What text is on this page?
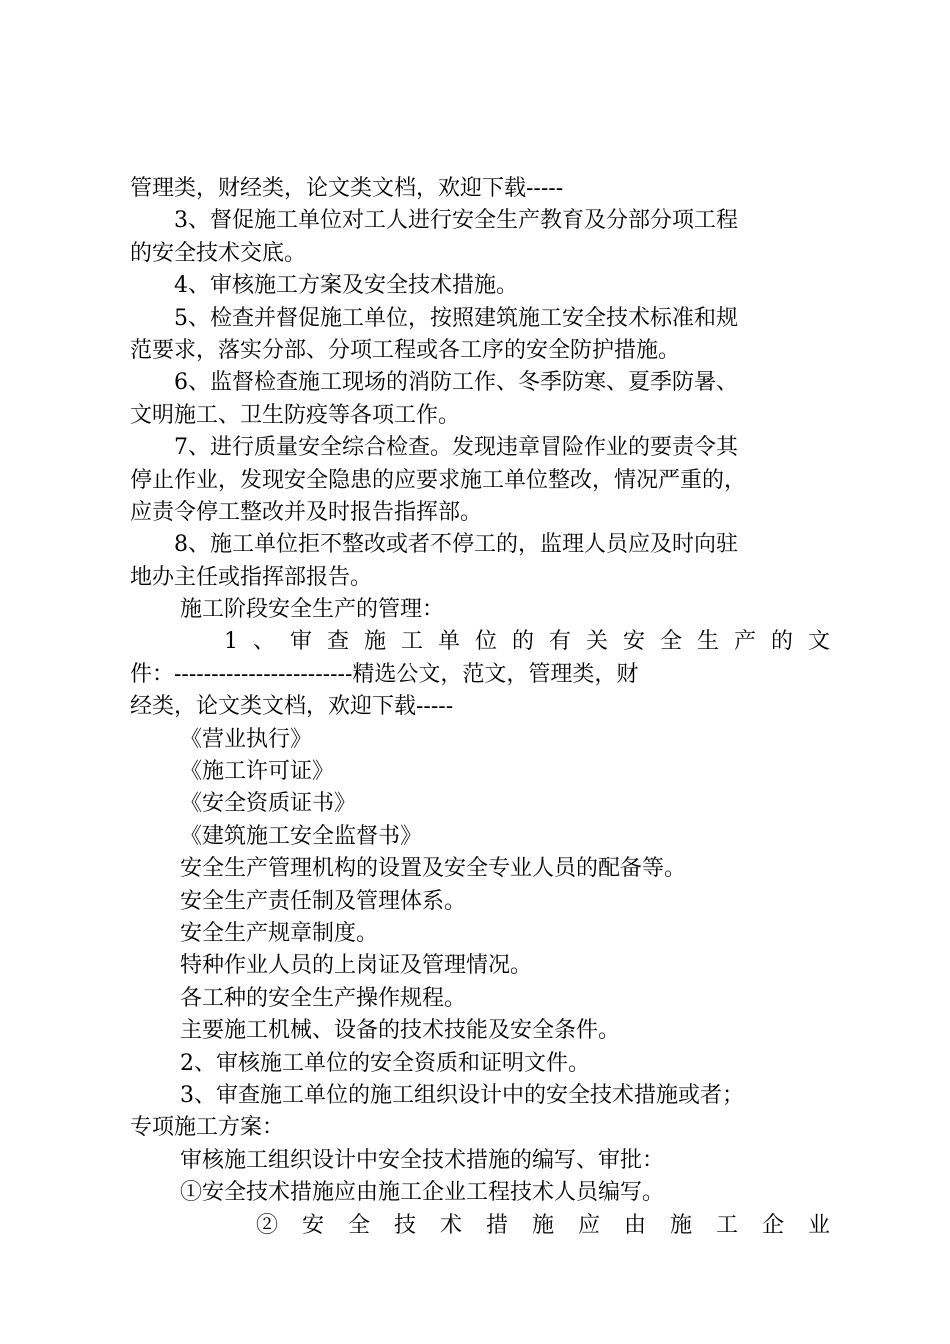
管理类，财经类，论文类文档，欢迎下载-----
3、督促施工单位对工人进行安全生产教育及分部分项工程
的安全技术交底。
4、审核施工方案及安全技术措施。
5、检查并督促施工单位，按照建筑施工安全技术标准和规
范要求，落实分部、分项工程或各工序的安全防护措施。
6、监督检查施工现场的消防工作、冬季防寒、夏季防暑、
文明施工、卫生防疫等各项工作。
7、进行质量安全综合检查。发现违章冒险作业的要责令其
停止作业，发现安全隐患的应要求施工单位整改，情况严重的，
应责令停工整改并及时报告指挥部。
8、施工单位拒不整改或者不停工的，监理人员应及时向驻
地办主任或指挥部报告。
施工阶段安全生产的管理：
1、审查施工单位的有关安全生产的文
件：------------------------精选公文，范文，管理类，财
经类，论文类文档，欢迎下载-----
《营业执行》
《施工许可证》
《安全资质证书》
《建筑施工安全监督书》
安全生产管理机构的设置及安全专业人员的配备等。
安全生产责任制及管理体系。
安全生产规章制度。
特种作业人员的上岗证及管理情况。
各工种的安全生产操作规程。
主要施工机械、设备的技术技能及安全条件。
2、审核施工单位的安全资质和证明文件。
3、审查施工单位的施工组织设计中的安全技术措施或者；
专项施工方案：
审核施工组织设计中安全技术措施的编写、审批：
①安全技术措施应由施工企业工程技术人员编写。
②安全技术措施应由施工企业
